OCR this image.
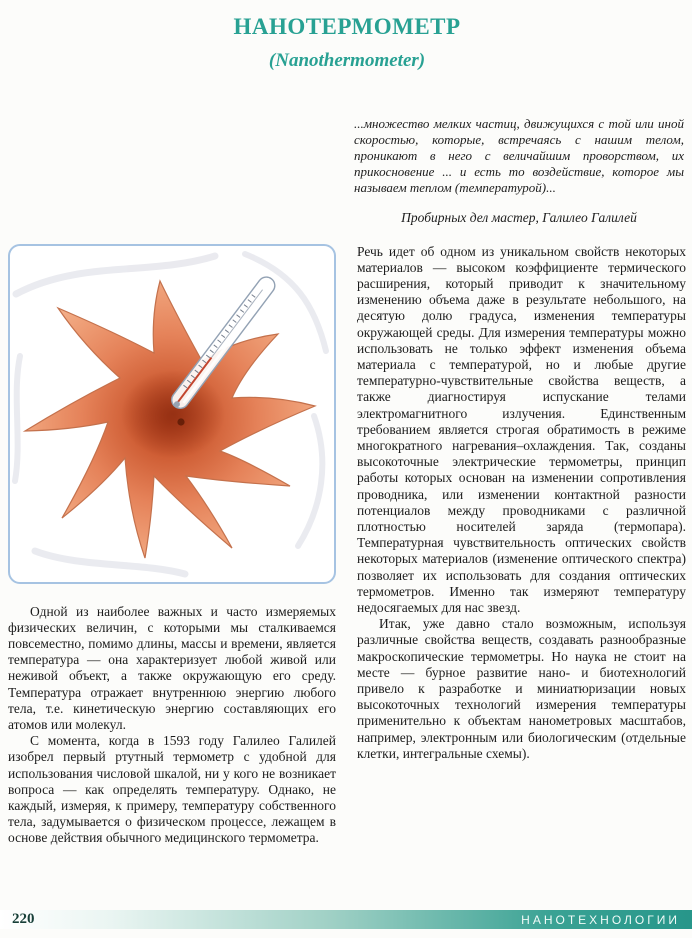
НАНОТЕРМОМЕТР
(Nanothermometer)
...множество мелких частиц, движущихся с той или иной скоростью, которые, встречаясь с нашим телом, проникают в него с величайшим проворством, их прикосновение ... и есть то воздействие, которое мы называем теплом (температурой)...
Пробирных дел мастер, Галилео Галилей

Одной из наиболее важных и часто измеряемых физических величин, с которыми мы сталкиваемся повсеместно, помимо длины, массы и времени, является температура — она характеризует любой живой или неживой объект, а также окружающую его среду. Температура отражает внутреннюю энергию любого тела, т.е. кинетическую энергию составляющих его атомов или молекул.

С момента, когда в 1593 году Галилео Галилей изобрел первый ртутный термометр с удобной для использования числовой шкалой, ни у кого не возникает вопроса — как определять температуру. Однако, не каждый, измеряя, к примеру, температуру собственного тела, задумывается о физическом процессе, лежащем в основе действия обычного медицинского термометра.

Речь идет об одном из уникальном свойств некоторых материалов — высоком коэффициенте термического расширения, который приводит к значительному изменению объема даже в результате небольшого, на десятую долю градуса, изменения температуры окружающей среды. Для измерения температуры можно использовать не только эффект изменения объема материала с температурой, но и любые другие температурно-чувствительные свойства веществ, а также диагностируя испускание телами электромагнитного излучения. Единственным требованием является строгая обратимость в режиме многократного нагревания–охлаждения. Так, созданы высокоточные электрические термометры, принцип работы которых основан на изменении сопротивления проводника, или изменении контактной разности потенциалов между проводниками с различной плотностью носителей заряда (термопара). Температурная чувствительность оптических свойств некоторых материалов (изменение оптического спектра) позволяет их использовать для создания оптических термометров. Именно так измеряют температуру недосягаемых для нас звезд.

Итак, уже давно стало возможным, используя различные свойства веществ, создавать разнообразные макроскопические термометры. Но наука не стоит на месте — бурное развитие нано- и биотехнологий привело к разработке и миниатюризации новых высокоточных технологий измерения температуры применительно к объектам нанометровых масштабов, например, электронным или биологическим (отдельные клетки, интегральные схемы).

220	НАНОТЕХНОЛОГИИ
